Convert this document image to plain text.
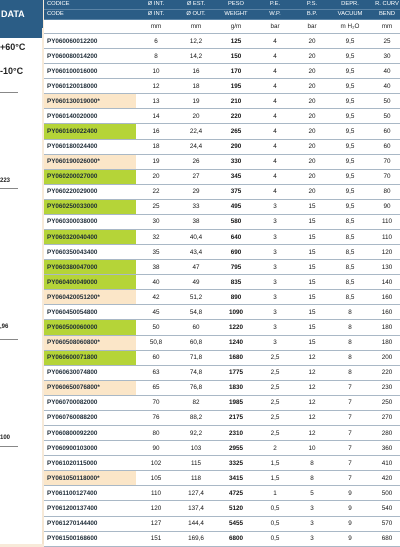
DATA
+60°C
-10°C
223
,96
100
CODICE	Ø INT.	Ø EST.	PESO	P.E.	P.S.	DEPR.	R. CURV
CODE	Ø INT.	Ø OUT.	WEIGHT	W.P.	B.P.	VACUUM	BEND
	mm	mm	g/m	bar	bar	m H₂O	mm
PY060060012200	6	12,2	125	4	20	9,5	25
PY060080014200	8	14,2	150	4	20	9,5	30
PY060100016000	10	16	170	4	20	9,5	40
PY060120018000	12	18	195	4	20	9,5	40
PY060130019000*	13	19	210	4	20	9,5	50
PY060140020000	14	20	220	4	20	9,5	50
PY060160022400	16	22,4	265	4	20	9,5	60
PY060180024400	18	24,4	290	4	20	9,5	60
PY060190026000*	19	26	330	4	20	9,5	70
PY060200027000	20	27	345	4	20	9,5	70
PY060220029000	22	29	375	4	20	9,5	80
PY060250033000	25	33	495	3	15	9,5	90
PY060300038000	30	38	580	3	15	8,5	110
PY060320040400	32	40,4	640	3	15	8,5	110
PY060350043400	35	43,4	690	3	15	8,5	120
PY060380047000	38	47	795	3	15	8,5	130
PY060400049000	40	49	835	3	15	8,5	140
PY060420051200*	42	51,2	890	3	15	8,5	160
PY060450054800	45	54,8	1090	3	15	8	160
PY060500060000	50	60	1220	3	15	8	180
PY060508060800*	50,8	60,8	1240	3	15	8	180
PY060600071800	60	71,8	1680	2,5	12	8	200
PY060630074800	63	74,8	1775	2,5	12	8	220
PY060650076800*	65	76,8	1830	2,5	12	7	230
PY060700082000	70	82	1985	2,5	12	7	250
PY060760088200	76	88,2	2175	2,5	12	7	270
PY060800092200	80	92,2	2310	2,5	12	7	280
PY060900103000	90	103	2955	2	10	7	360
PY061020115000	102	115	3325	1,5	8	7	410
PY061050118000*	105	118	3415	1,5	8	7	420
PY061100127400	110	127,4	4725	1	5	9	500
PY061200137400	120	137,4	5120	0,5	3	9	540
PY061270144400	127	144,4	5455	0,5	3	9	570
PY061500168600	151	169,6	6800	0,5	3	9	680
